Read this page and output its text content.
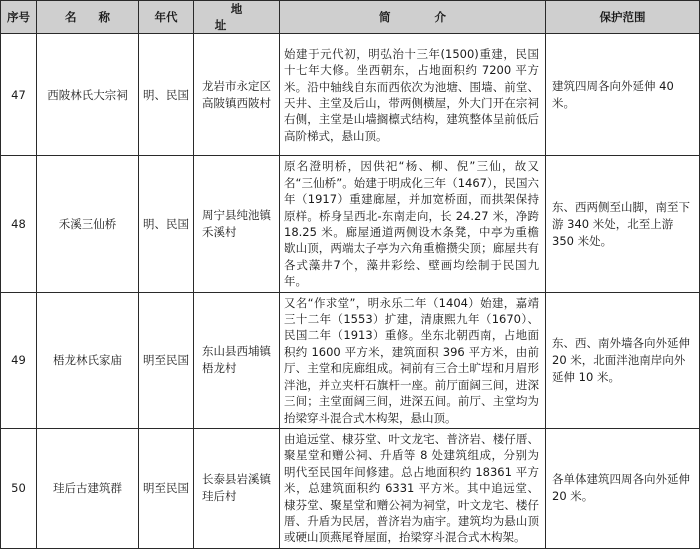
序号	名称	年代	地址	简介	保护范围
47	西陂林氏大宗祠	明、民国	龙岩市永定区高陂镇西陂村	始建于元代初，明弘治十三年(1500)重建，民国十七年大修。坐西朝东，占地面积约 7200 平方米。沿中轴线自东而西依次为池塘、围墙、前堂、天井、主堂及后山，带两侧横屋，外大门开在宗祠右侧，主堂是山墙搁檩式结构，建筑整体呈前低后高阶梯式，悬山顶。	建筑四周各向外延伸 40 米。
48	禾溪三仙桥	明、民国	周宁县纯池镇禾溪村	原名澄明桥，因供祀“杨、柳、倪”三仙，故又名“三仙桥”。始建于明成化三年（1467），民国六年（1917）重建廊屋，并加宽桥面，而拱架保持原样。桥身呈西北-东南走向，长 24.27 米，净跨 18.25 米。廊屋通道两侧设木条凳，中亭为重檐歇山顶，两端太子亭为六角重檐攒尖顶；廊屋共有各式藻井7个，藻井彩绘、壁画均绘制于民国九年。	东、西两侧至山脚，南至下游 340 米处，北至上游 350 米处。
49	梧龙林氏家庙	明至民国	东山县西埔镇梧龙村	又名“作求堂”，明永乐二年（1404）始建，嘉靖三十二年（1553）扩建，清康熙九年（1670）、民国二年（1913）重修。坐东北朝西南，占地面积约 1600 平方米，建筑面积 396 平方米，由前厅、主堂和庑廊组成。祠前有三合土旷埕和月眉形泮池，并立夹杆石旗杆一座。前厅面阔三间，进深三间；主堂面阔三间，进深五间。前厅、主堂均为抬梁穿斗混合式木构架，悬山顶。	东、西、南外墙各向外延伸20 米，北面泮池南岸向外延伸 10 米。
50	珪后古建筑群	明至民国	长泰县岩溪镇珪后村	由追远堂、棣芬堂、叶文龙宅、普济岩、楼仔厝、聚星堂和赠公祠、升盾等 8 处建筑组成，分别为明代至民国年间修建。总占地面积约 18361 平方米，总建筑面积约 6331 平方米。其中追远堂、棣芬堂、聚星堂和赠公祠为祠堂，叶文龙宅、楼仔厝、升盾为民居，普济岩为庙宇。建筑均为悬山顶或硬山顶燕尾脊屋面，抬梁穿斗混合式木构架。	各单体建筑四周各向外延伸 20 米。
